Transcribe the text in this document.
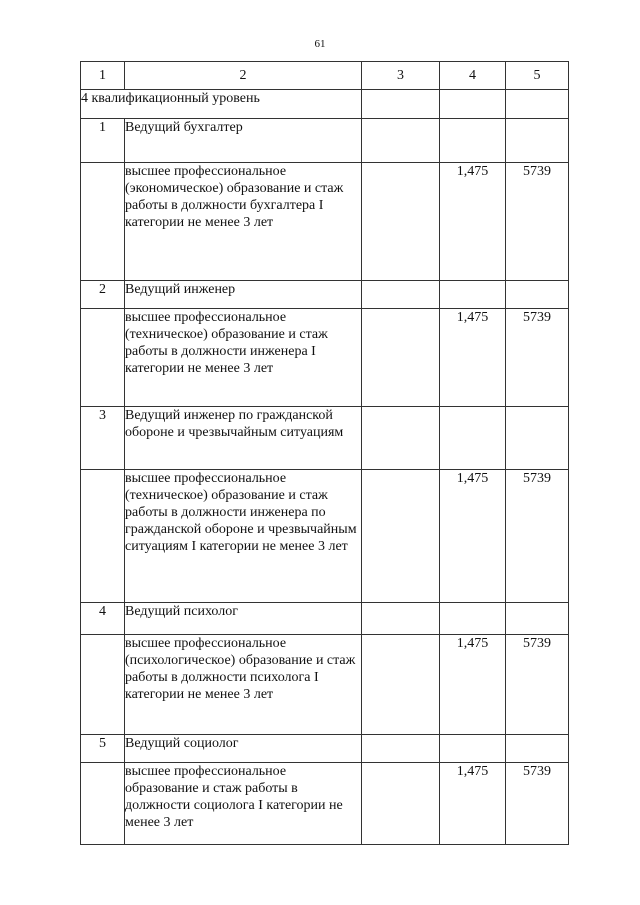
61
1	2	3	4	5
4 квалификационный уровень				
1	Ведущий бухгалтер			
	высшее профессиональное (экономическое) образование и стаж работы в должности бухгалтера I категории не менее 3 лет		1,475	5739
2	Ведущий инженер			
	высшее профессиональное (техническое) образование и стаж работы в должности инженера I категории не менее 3 лет		1,475	5739
3	Ведущий инженер по гражданской обороне и чрезвычайным ситуациям			
	высшее профессиональное (техническое) образование и стаж работы в должности инженера по гражданской обороне и чрезвычайным ситуациям I категории не менее 3 лет		1,475	5739
4	Ведущий психолог			
	высшее профессиональное (психологическое) образование и стаж работы в должности психолога I категории не менее 3 лет		1,475	5739
5	Ведущий социолог			
	высшее профессиональное образование и стаж работы в должности социолога I категории не менее 3 лет		1,475	5739
